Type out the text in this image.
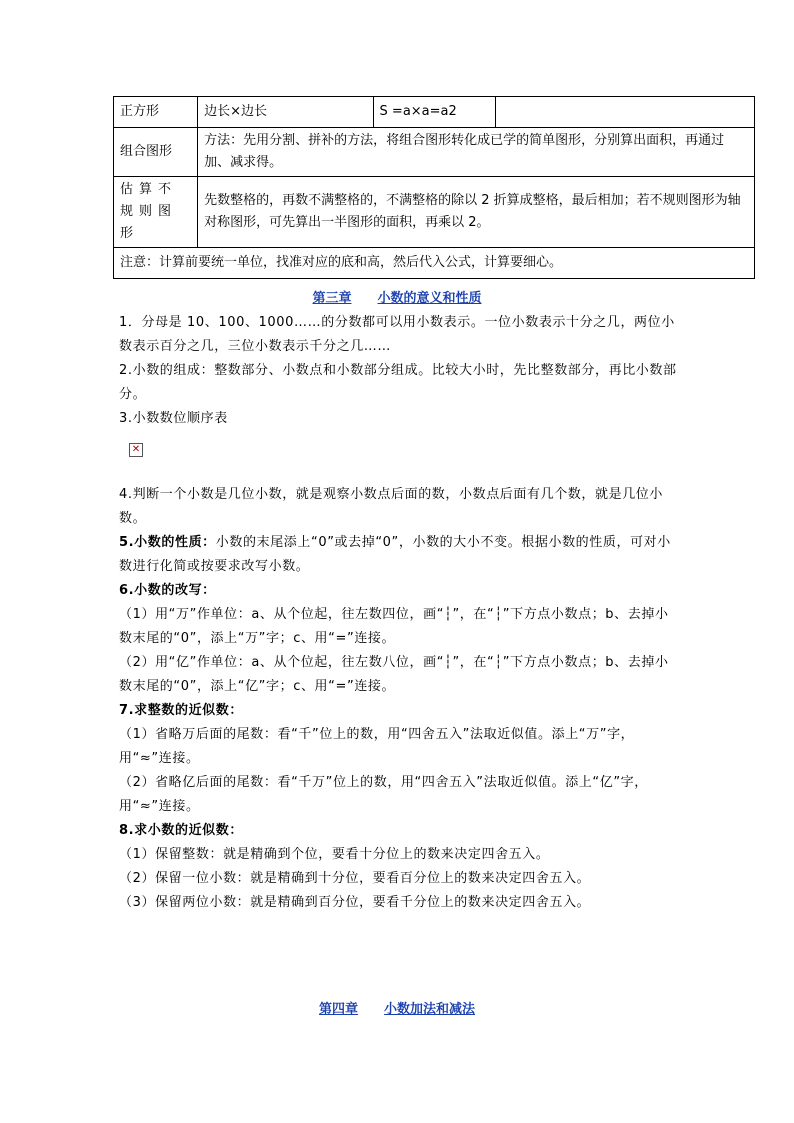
正方形	边长×边长	S =a×a=a2	
组合图形	方法：先用分割、拼补的方法，将组合图形转化成已学的简单图形，分别算出面积，再通过加、减求得。		
估算不规则图形	先数整格的，再数不满整格的，不满整格的除以 2 折算成整格，最后相加；若不规则图形为轴对称图形，可先算出一半图形的面积，再乘以 2。		
注意：计算前要统一单位，找准对应的底和高，然后代入公式，计算要细心。			
第三章 小数的意义和性质

1．分母是 10、100、1000……的分数都可以用小数表示。一位小数表示十分之几，两位小数表示百分之几，三位小数表示千分之几……

2.小数的组成：整数部分、小数点和小数部分组成。比较大小时，先比整数部分，再比小数部分。

3.小数数位顺序表

✕

4.判断一个小数是几位小数，就是观察小数点后面的数，小数点后面有几个数，就是几位小数。

5.小数的性质：小数的末尾添上“0”或去掉“0”，小数的大小不变。根据小数的性质，可对小数进行化简或按要求改写小数。

6.小数的改写：

（1）用“万”作单位：a、从个位起，往左数四位，画“┆”，在“┆”下方点小数点；b、去掉小数末尾的“0”，添上“万”字；c、用“=”连接。

（2）用“亿”作单位：a、从个位起，往左数八位，画“┆”，在“┆”下方点小数点；b、去掉小数末尾的“0”，添上“亿”字；c、用“=”连接。

7.求整数的近似数：

（1）省略万后面的尾数：看“千”位上的数，用“四舍五入”法取近似值。添上“万”字，用“≈”连接。

（2）省略亿后面的尾数：看“千万”位上的数，用“四舍五入”法取近似值。添上“亿”字，用“≈”连接。

8.求小数的近似数：

（1）保留整数：就是精确到个位，要看十分位上的数来决定四舍五入。

（2）保留一位小数：就是精确到十分位，要看百分位上的数来决定四舍五入。

（3）保留两位小数：就是精确到百分位，要看千分位上的数来决定四舍五入。

第四章 小数加法和减法
